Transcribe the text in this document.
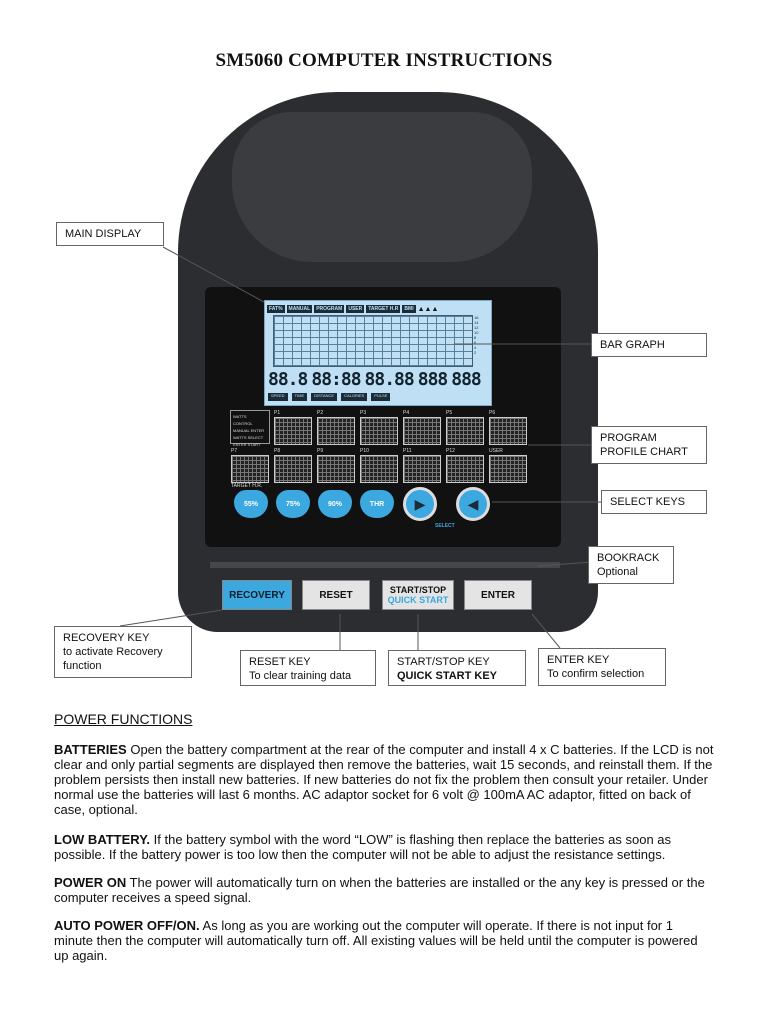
SM5060 COMPUTER INSTRUCTIONS
FAT%	MANUAL	PROGRAM	USER	TARGET H.R	BMI ▲▲▲
16
14
12
10
8
6
4
2
88.8 88:88 88.88 888 888
SPEED	TIME	DISTANCE	CALORIES	PULSE
WATTS CONTROL
MANUAL ENTER
WATTS SELECT
ENTER START
P1	P2	P3	P4	P5	P6
P7	P8	P9	P10	P11	P12	USER
TARGET H.R.
55%	75%	90%	THR	▶	◀
SELECT
RECOVERY	RESET	START/STOP
QUICK START	ENTER
MAIN DISPLAY
BAR GRAPH
PROGRAM
PROFILE CHART
SELECT KEYS
BOOKRACK
Optional
RECOVERY KEY
to activate Recovery
function	RESET KEY
To clear training data
START/STOP KEY
QUICK START KEY
ENTER KEY
To confirm selection
POWER FUNCTIONS
BATTERIES Open the battery compartment at the rear of the computer and install 4 x C batteries. If the LCD is not clear and only partial segments are displayed then remove the batteries, wait 15 seconds, and reinstall them. If the problem persists then install new batteries. If new batteries do not fix the problem then consult your retailer. Under normal use the batteries will last 6 months. AC adaptor socket for 6 volt @ 100mA AC adaptor, fitted on back of case, optional.
LOW BATTERY. If the battery symbol with the word “LOW” is flashing then replace the batteries as soon as possible. If the battery power is too low then the computer will not be able to adjust the resistance settings.
POWER ON The power will automatically turn on when the batteries are installed or the any key is pressed or the computer receives a speed signal.
AUTO POWER OFF/ON. As long as you are working out the computer will operate. If there is not input for 1 minute then the computer will automatically turn off. All existing values will be held until the computer is powered up again.
